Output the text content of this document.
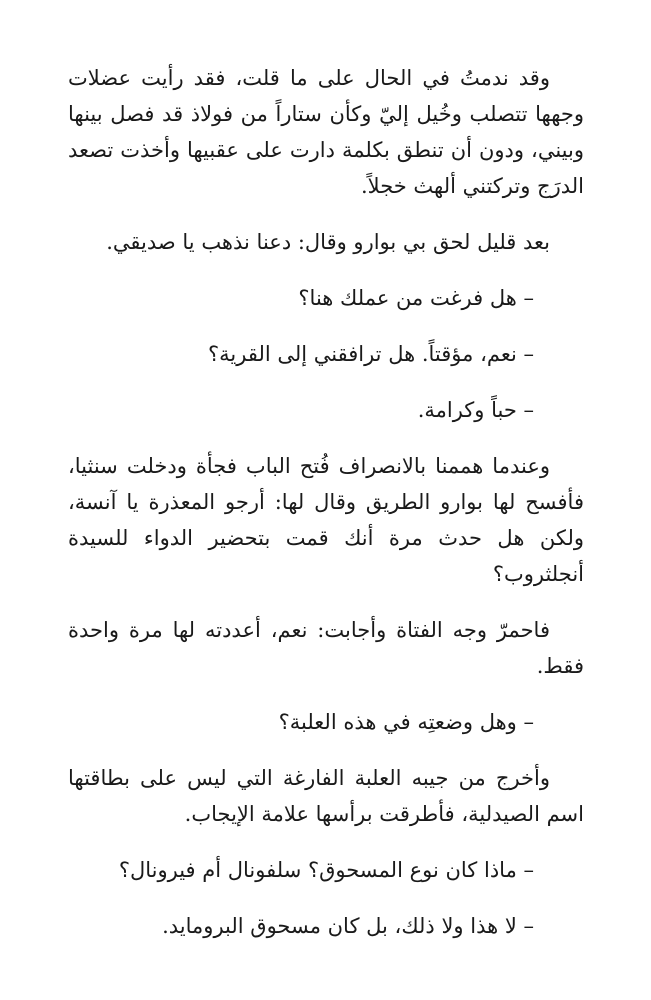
وقد ندمتُ في الحال على ما قلت، فقد رأيت عضلات وجهها تتصلب وخُيل إليّ وكأن ستاراً من فولاذ قد فصل بينها وبيني، ودون أن تنطق بكلمة دارت على عقبيها وأخذت تصعد الدرَج وتركتني ألهث خجلاً.

بعد قليل لحق بي بوارو وقال: دعنا نذهب يا صديقي.

– هل فرغت من عملك هنا؟

– نعم، مؤقتاً. هل ترافقني إلى القرية؟

– حباً وكرامة.

وعندما هممنا بالانصراف فُتح الباب فجأة ودخلت سنثيا، فأفسح لها بوارو الطريق وقال لها: أرجو المعذرة يا آنسة، ولكن هل حدث مرة أنك قمت بتحضير الدواء للسيدة أنجلثروب؟

فاحمرّ وجه الفتاة وأجابت: نعم، أعددته لها مرة واحدة فقط.

– وهل وضعتِه في هذه العلبة؟

وأخرج من جيبه العلبة الفارغة التي ليس على بطاقتها اسم الصيدلية، فأطرقت برأسها علامة الإيجاب.

– ماذا كان نوع المسحوق؟ سلفونال أم فيرونال؟

– لا هذا ولا ذلك، بل كان مسحوق البرومايد.
